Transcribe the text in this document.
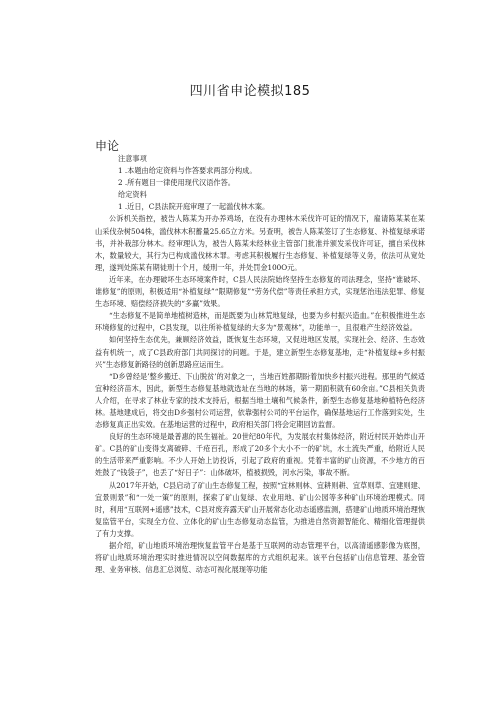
四川省申论模拟185
申论

注意事项

1 .本题由给定资料与作答要求两部分构成。

2 .所有题目一律使用现代汉语作答。

给定资料

1 .近日，C县法院开庭审理了一起滥伐林木案。

公诉机关指控，被告人陈某为开办养鸡场，在没有办理林木采伐许可证的情况下，雇请陈某某在某山采伐杂树504株，滥伐林木积蓄量25.65立方米。另查明，被告人陈某签订了生态修复、补植复绿承诺书，并补栽部分林木。经审理认为，被告人陈某未经林业主管部门批准并颁发采伐许可证，擅自采伐林木，数量较大，其行为已构成滥伐林木罪。考虑其积极履行生态修复、补植复绿等义务，依法可从宽处理，遂判处陈某有期徒刑十个月，缓刑一年，并处罚金100O元。

近年来，在办理破坏生态环境案件时，C县人民法院始终坚持生态修复的司法理念，坚持“谁破坏、谁修复”的原则，积极适用“补植复绿”“限期修复”“劳务代偿”等责任承担方式，实现惩治违法犯罪、修复生态环境、赔偿经济损失的“多赢”效果。

“生态修复不是简单地植树造林，而是既要为山林荒地复绿，也要为乡村振兴造血。”在积极推进生态环境修复的过程中，C县发现，以往所补植复绿的大多为“景观林”，功能单一，且很难产生经济效益。

如何坚持生态优先，兼顾经济效益，既恢复生态环境，又促进地区发展，实现社会、经济、生态效益有机统一，成了C县政府部门共同探讨的问题。于是，建立新型生态修复基地，走“补植复绿+乡村振兴”生态修复新路径的创新思路应运而生。

“D乡曾经是’整乡搬迁、下山脱贫’的对象之一，当地百姓都期盼着加快乡村振兴进程。那里的气候适宜种经济苗木，因此，新型生态修复基地就选址在当地的林场，第一期面积就有60余亩。”C县相关负责人介绍，在寻求了林业专家的技术支持后，根据当地土壤和气候条件，新型生态修复基地种植特色经济林。基地建成后，将交由D乡强村公司运营，依靠强村公司的平台运作，确保基地运行工作落到实处，生态修复真正出实效。在基地运营的过程中，政府相关部门将会定期回访监督。

良好的生态环境是最普惠的民生福祉。20世纪80年代，为发展农村集体经济，附近村民开始炸山开矿。C县的矿山变得支离破碎、千疮百孔，形成了20多个大小不一的矿坑，水土流失严重，给附近人民的生活带来严重影响。不少人开始上访投诉，引起了政府的重视。凭着丰富的矿山资源，不少地方的百姓鼓了“钱袋子”，也丢了“好日子”：山体破坏，植被损毁，河水污染，事故不断。

从2017年开始，C县启动了矿山生态修复工程，按照“宜林则林、宜耕则耕、宜草则草、宜建则建、宜景则景”和“一处一策”的原则，探索了矿山复绿、农业用地、矿山公园等多种矿山环境治理模式。同时，利用“互联网+遥感”技术，C县对废弃露天矿山开展常态化动态遥感监测，搭建矿山地质环境治理恢复监管平台，实现全方位、立体化的矿山生态修复动态监管，为推进自然资源智能化、精细化管理提供了有力支撑。

据介绍，矿山地质环境治理恢复监管平台是基于互联网的动态管理平台，以高清遥感影像为底图，将矿山地质环境治理实时推进情况以空间数据库的方式组织起来。该平台包括矿山信息管理、基金管理、业务审核、信息汇总浏览、动态可视化展现等功能
